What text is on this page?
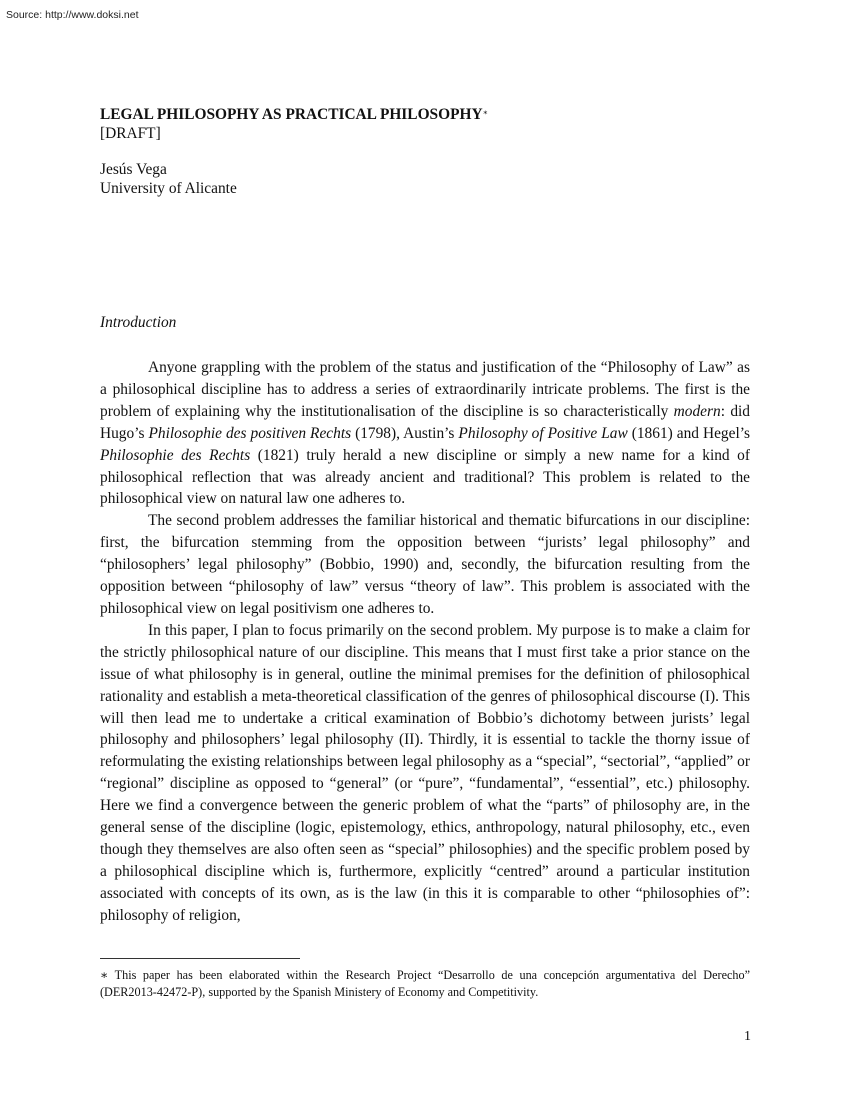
Source: http://www.doksi.net
LEGAL PHILOSOPHY AS PRACTICAL PHILOSOPHY∗
[DRAFT]
Jesús Vega
University of Alicante
Introduction

Anyone grappling with the problem of the status and justification of the “Philosophy of Law” as a philosophical discipline has to address a series of extraordinarily intricate problems. The first is the problem of explaining why the institutionalisation of the discipline is so characteristically modern: did Hugo’s Philosophie des positiven Rechts (1798), Austin’s Philosophy of Positive Law (1861) and Hegel’s Philosophie des Rechts (1821) truly herald a new discipline or simply a new name for a kind of philosophical reflection that was already ancient and traditional? This problem is related to the philosophical view on natural law one adheres to.

The second problem addresses the familiar historical and thematic bifurcations in our discipline: first, the bifurcation stemming from the opposition between “jurists’ legal philosophy” and “philosophers’ legal philosophy” (Bobbio, 1990) and, secondly, the bifurcation resulting from the opposition between “philosophy of law” versus “theory of law”. This problem is associated with the philosophical view on legal positivism one adheres to.

In this paper, I plan to focus primarily on the second problem. My purpose is to make a claim for the strictly philosophical nature of our discipline. This means that I must first take a prior stance on the issue of what philosophy is in general, outline the minimal premises for the definition of philosophical rationality and establish a meta-theoretical classification of the genres of philosophical discourse (I). This will then lead me to undertake a critical examination of Bobbio’s dichotomy between jurists’ legal philosophy and philosophers’ legal philosophy (II). Thirdly, it is essential to tackle the thorny issue of reformulating the existing relationships between legal philosophy as a “special”, “sectorial”, “applied” or “regional” discipline as opposed to “general” (or “pure”, “fundamental”, “essential”, etc.) philosophy. Here we find a convergence between the generic problem of what the “parts” of philosophy are, in the general sense of the discipline (logic, epistemology, ethics, anthropology, natural philosophy, etc., even though they themselves are also often seen as “special” philosophies) and the specific problem posed by a philosophical discipline which is, furthermore, explicitly “centred” around a particular institution associated with concepts of its own, as is the law (in this it is comparable to other “philosophies of”: philosophy of religion,

∗ This paper has been elaborated within the Research Project “Desarrollo de una concepción argumentativa del Derecho” (DER2013-42472-P), supported by the Spanish Ministery of Economy and Competitivity.
1
